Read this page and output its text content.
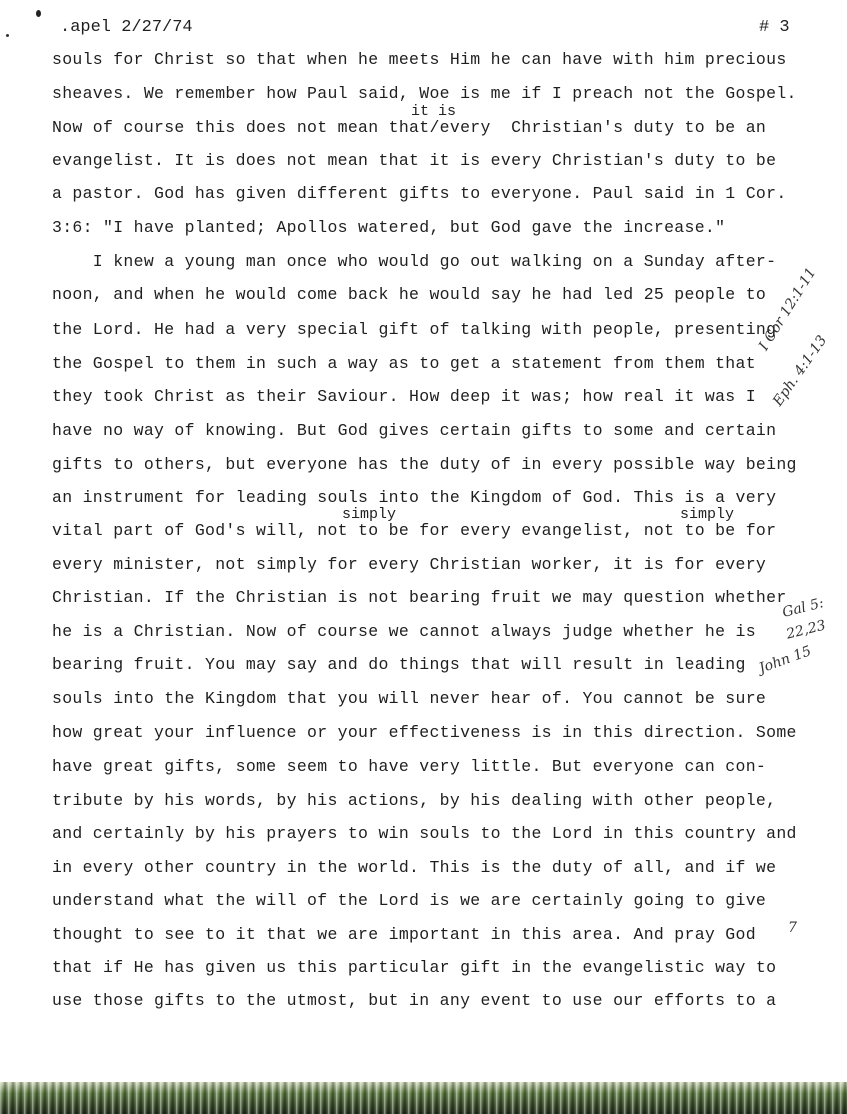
.apel 2/27/74	# 3
souls for Christ so that when he meets Him he can have with him precious
sheaves. We remember how Paul said, Woe is me if I preach not the Gospel.
Now of course this does not mean that/every  Christian's duty to be an
evangelist. It is does not mean that it is every Christian's duty to be
a pastor. God has given different gifts to everyone. Paul said in 1 Cor.
3:6: "I have planted; Apollos watered, but God gave the increase."
I knew a young man once who would go out walking on a Sunday after-
noon, and when he would come back he would say he had led 25 people to
the Lord. He had a very special gift of talking with people, presenting
the Gospel to them in such a way as to get a statement from them that
they took Christ as their Saviour. How deep it was; how real it was I
have no way of knowing. But God gives certain gifts to some and certain
gifts to others, but everyone has the duty of in every possible way being
an instrument for leading souls into the Kingdom of God. This is a very
vital part of God's will, not to be for every evangelist, not to be for
every minister, not simply for every Christian worker, it is for every
Christian. If the Christian is not bearing fruit we may question whether
he is a Christian. Now of course we cannot always judge whether he is
bearing fruit. You may say and do things that will result in leading
souls into the Kingdom that you will never hear of. You cannot be sure
how great your influence or your effectiveness is in this direction. Some
have great gifts, some seem to have very little. But everyone can con-
tribute by his words, by his actions, by his dealing with other people,
and certainly by his prayers to win souls to the Lord in this country and
in every other country in the world. This is the duty of all, and if we
understand what the will of the Lord is we are certainly going to give
thought to see to it that we are important in this area. And pray God
that if He has given us this particular gift in the evangelistic way to
use those gifts to the utmost, but in any event to use our efforts to a
it is
simply	simply
I Cor 12:1-11
Eph. 4:1-13
Gal 5:
22,23
John 15
7
